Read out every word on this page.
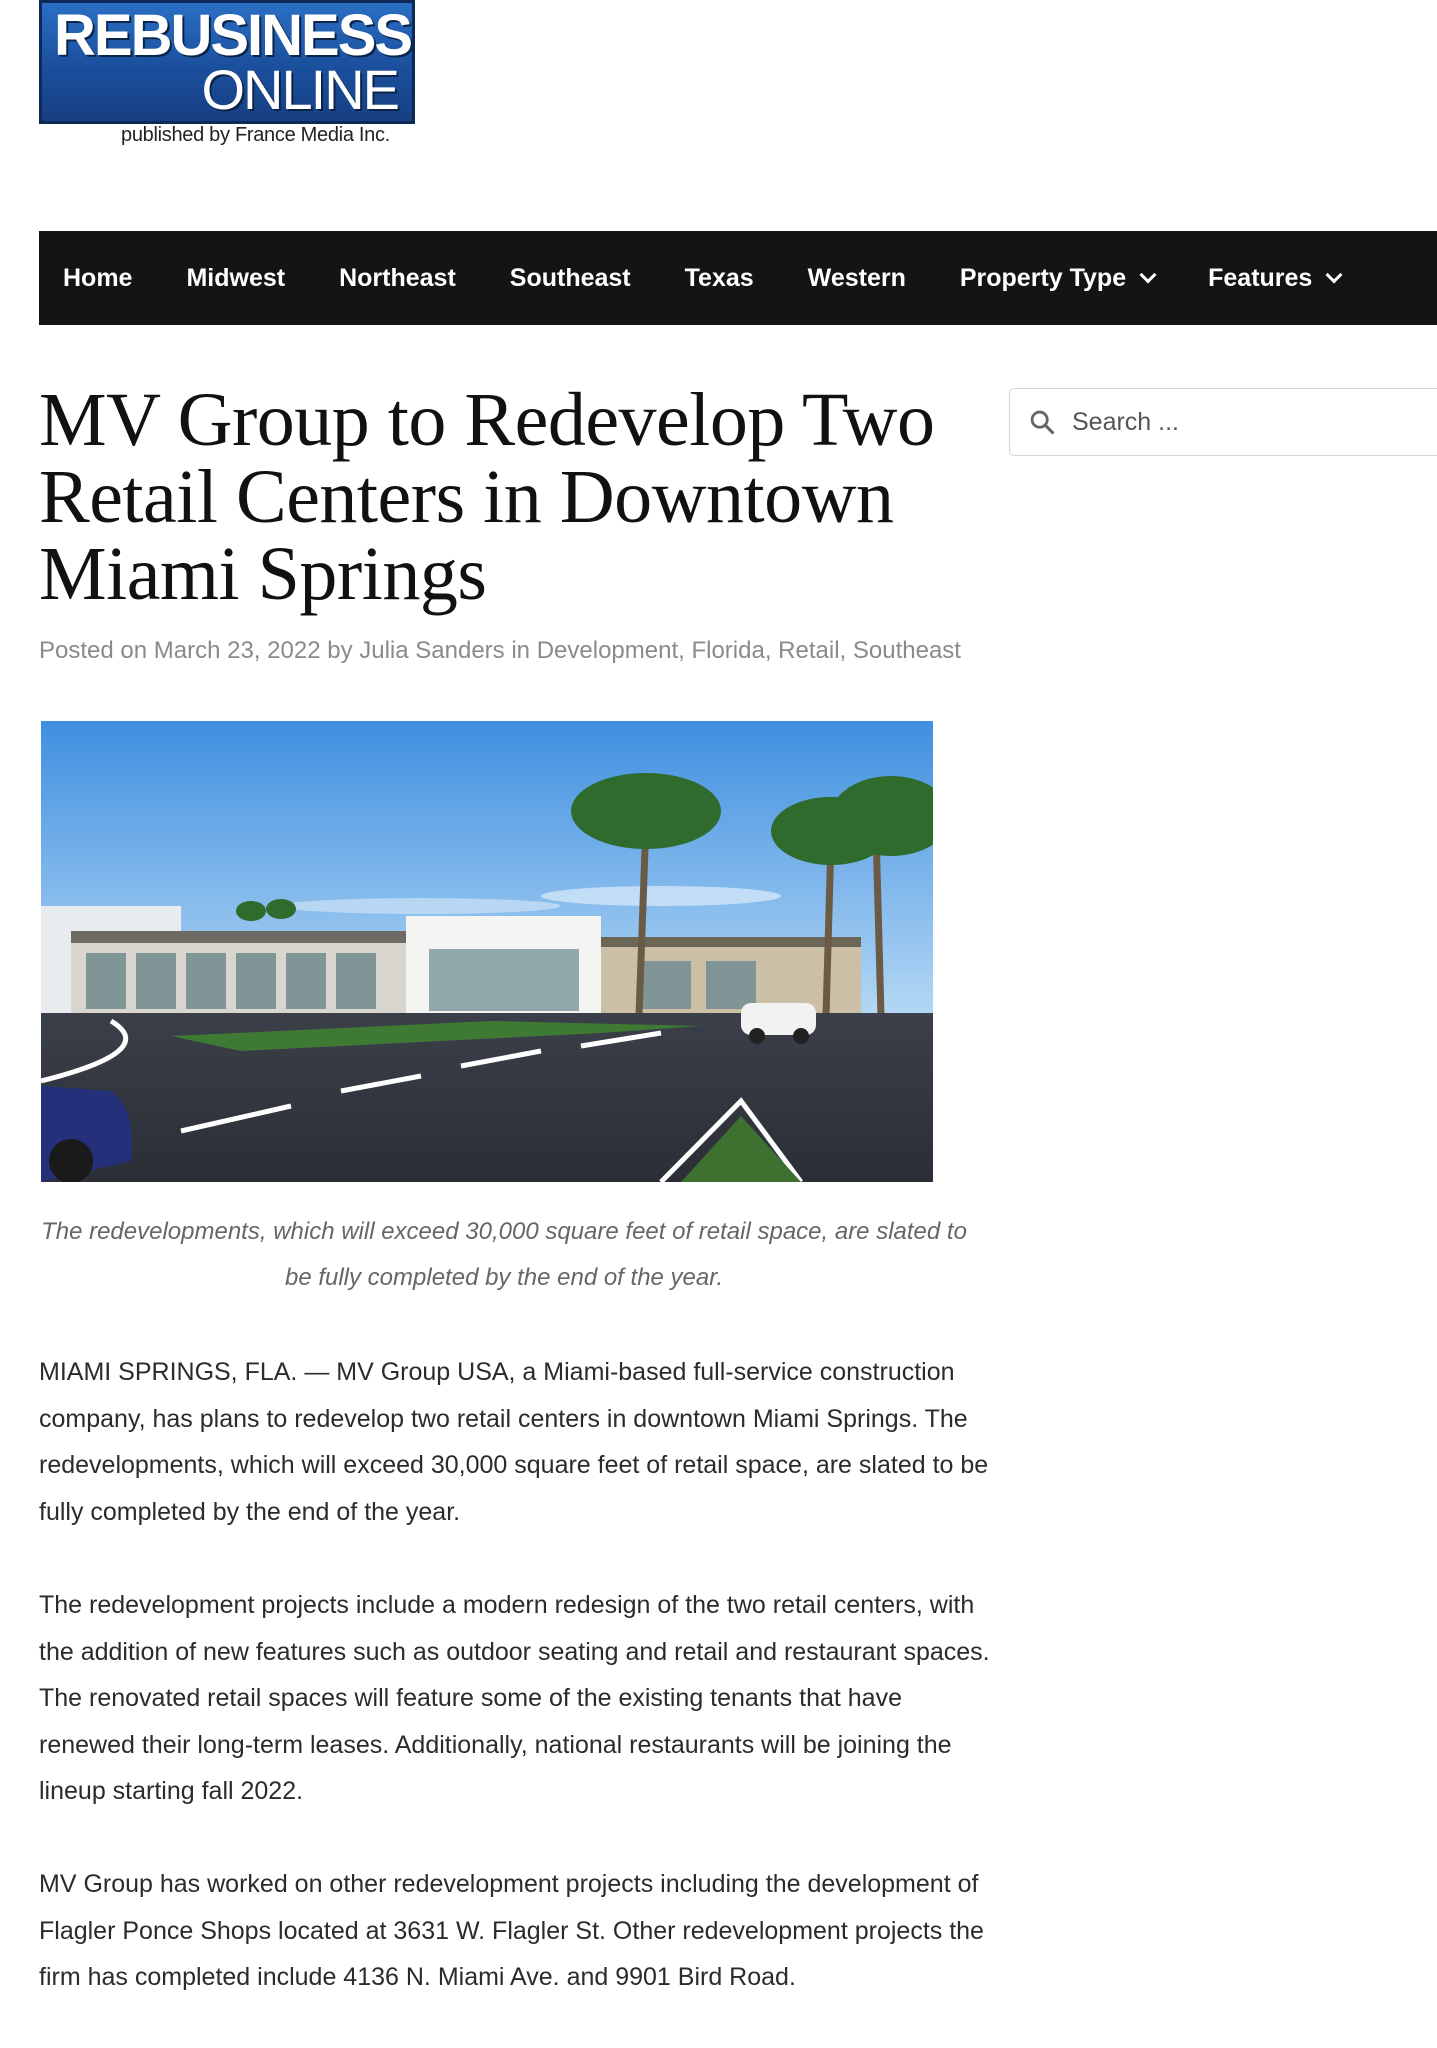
REBUSINESS
ONLINE
published by France Media Inc.
Home Midwest Northeast Southeast Texas Western Property Type	Features
Search ...
MV Group to Redevelop Two Retail Centers in Downtown Miami Springs
Posted on March 23, 2022 by Julia Sanders in Development, Florida, Retail, Southeast
The redevelopments, which will exceed 30,000 square feet of retail space, are slated to be fully completed by the end of the year.

MIAMI SPRINGS, FLA. — MV Group USA, a Miami-based full-service construction company, has plans to redevelop two retail centers in downtown Miami Springs. The redevelopments, which will exceed 30,000 square feet of retail space, are slated to be fully completed by the end of the year.

The redevelopment projects include a modern redesign of the two retail centers, with the addition of new features such as outdoor seating and retail and restaurant spaces. The renovated retail spaces will feature some of the existing tenants that have renewed their long-term leases. Additionally, national restaurants will be joining the lineup starting fall 2022.

MV Group has worked on other redevelopment projects including the development of Flagler Ponce Shops located at 3631 W. Flagler St. Other redevelopment projects the firm has completed include 4136 N. Miami Ave. and 9901 Bird Road.
